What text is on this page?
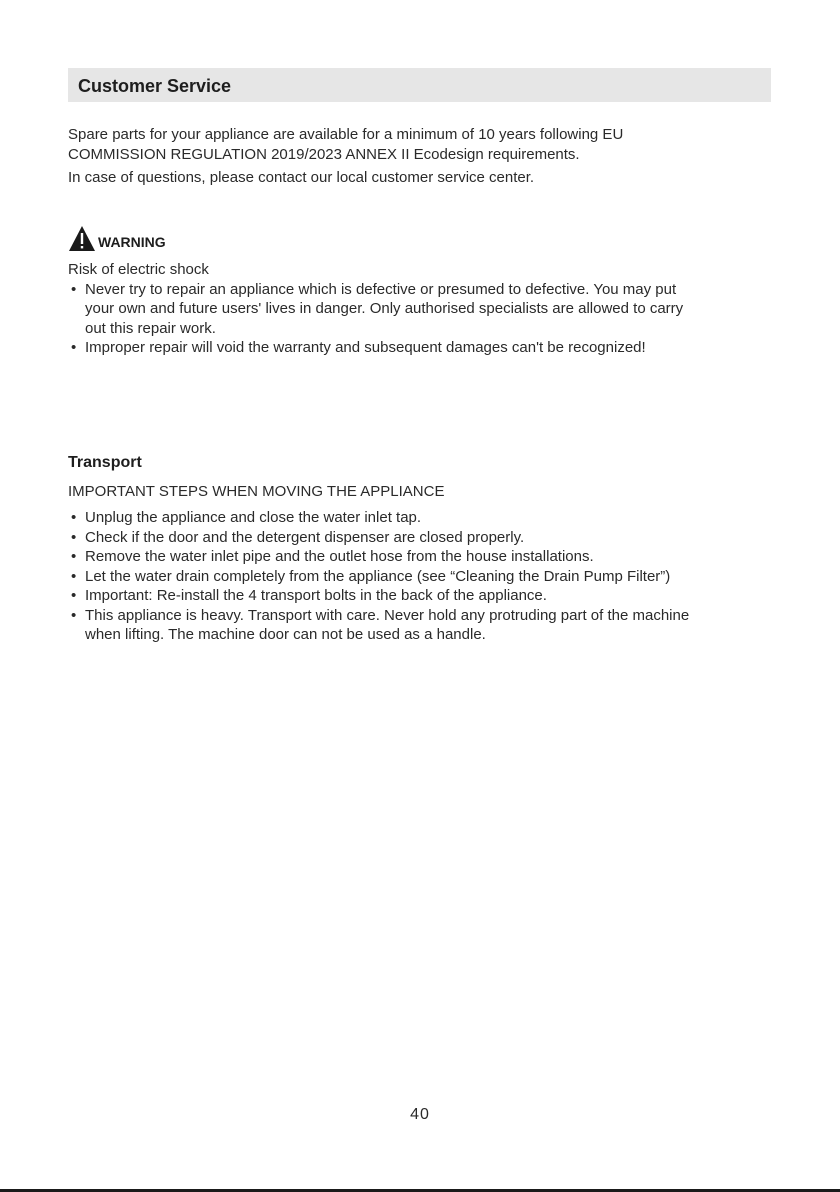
Customer Service

Spare parts for your appliance are available for a minimum of 10 years following EU COMMISSION REGULATION 2019/2023 ANNEX II Ecodesign requirements.

In case of questions, please contact our local customer service center.

WARNING

Risk of electric shock

• Never try to repair an appliance which is defective or presumed to defective. You may put your own and future users' lives in danger. Only authorised specialists are allowed to carry out this repair work.
• Improper repair will void the warranty and subsequent damages can't be recognized!
Transport

IMPORTANT STEPS WHEN MOVING THE APPLIANCE

• Unplug the appliance and close the water inlet tap.
• Check if the door and the detergent dispenser are closed properly.
• Remove the water inlet pipe and the outlet hose from the house installations.
• Let the water drain completely from the appliance (see “Cleaning the Drain Pump Filter”)
• Important: Re-install the 4 transport bolts in the back of the appliance.
• This appliance is heavy. Transport with care. Never hold any protruding part of the machine when lifting. The machine door can not be used as a handle.
40
